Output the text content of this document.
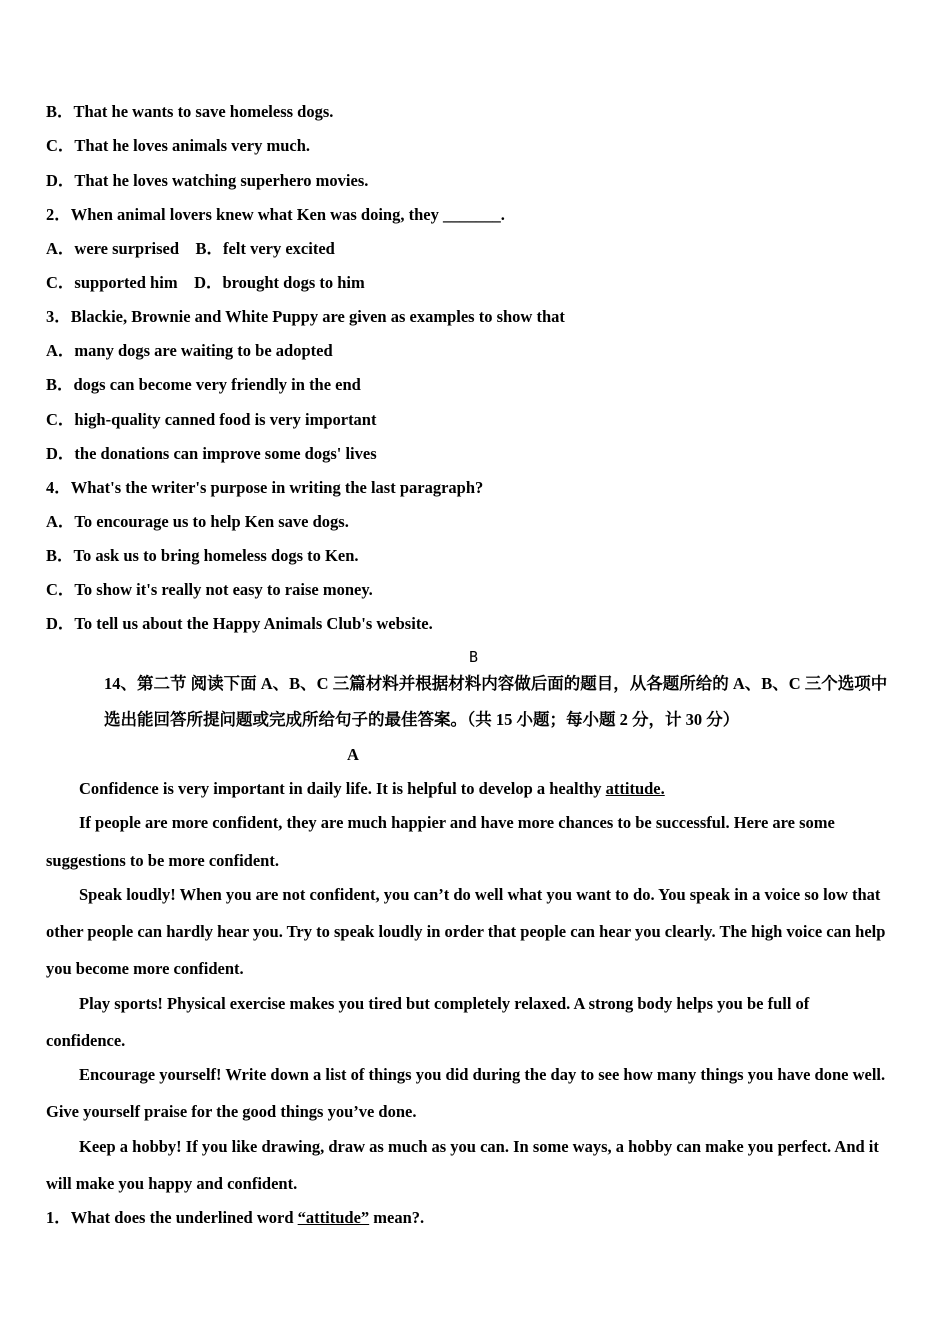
B．That he wants to save homeless dogs.
C．That he loves animals very much.
D．That he loves watching superhero movies.
2．When animal lovers knew what Ken was doing, they _______.
A．were surprised    B．felt very excited
C．supported him    D．brought dogs to him
3．Blackie, Brownie and White Puppy are given as examples to show that
A．many dogs are waiting to be adopted
B．dogs can become very friendly in the end
C．high-quality canned food is very important
D．the donations can improve some dogs' lives
4．What's the writer's purpose in writing the last paragraph?
A．To encourage us to help Ken save dogs.
B．To ask us to bring homeless dogs to Ken.
C．To show it's really not easy to raise money.
D．To tell us about the Happy Animals Club's website.
B
14、第二节 阅读下面 A、B、C 三篇材料并根据材料内容做后面的题目，从各题所给的 A、B、C 三个选项中
选出能回答所提问题或完成所给句子的最佳答案。（共 15 小题；每小题 2 分，计 30 分）
A
Confidence is very important in daily life. It is helpful to develop a healthy attitude.
If people are more confident, they are much happier and have more chances to be successful. Here are some
suggestions to be more confident.
Speak loudly! When you are not confident, you can’t do well what you want to do. You speak in a voice so low that
other people can hardly hear you. Try to speak loudly in order that people can hear you clearly. The high voice can help
you become more confident.
Play sports! Physical exercise makes you tired but completely relaxed. A strong body helps you be full of
confidence.
Encourage yourself! Write down a list of things you did during the day to see how many things you have done well.
Give yourself praise for the good things you’ve done.
Keep a hobby! If you like drawing, draw as much as you can. In some ways, a hobby can make you perfect. And it
will make you happy and confident.
1．What does the underlined word “attitude” mean?.
